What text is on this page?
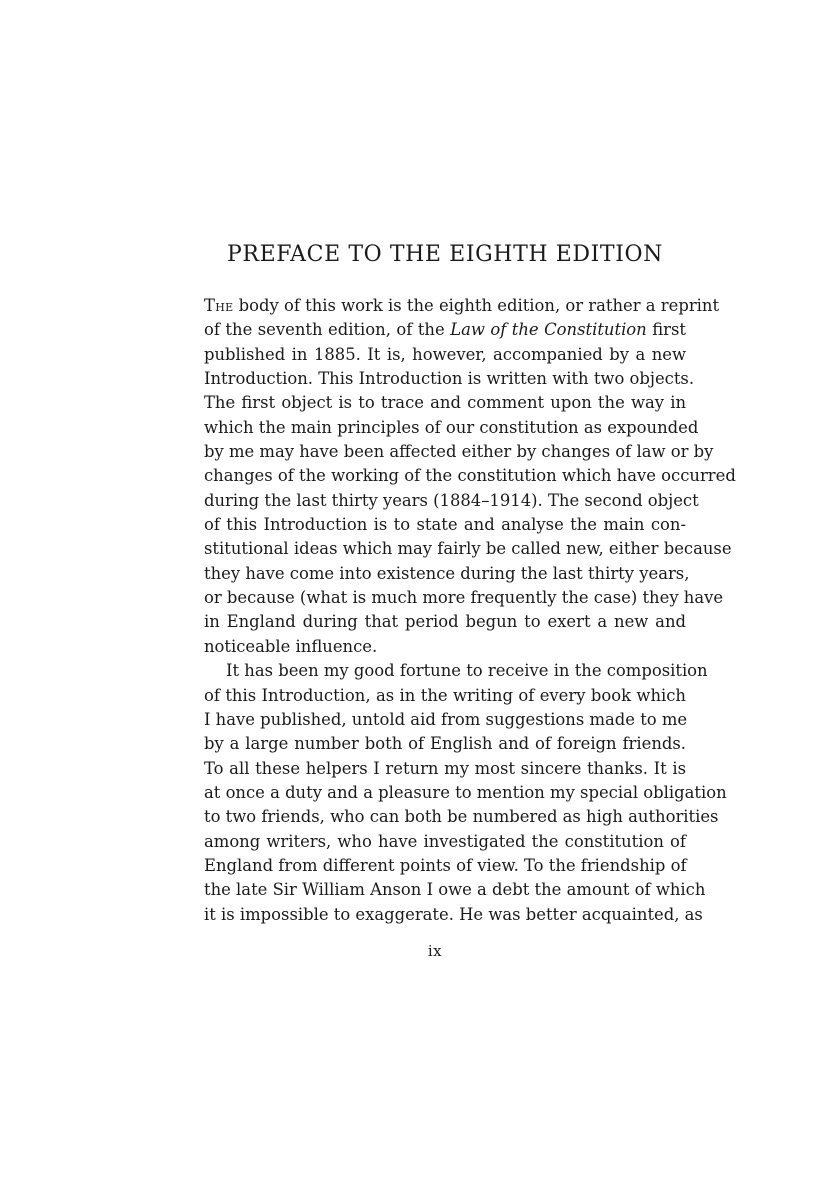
PREFACE TO THE EIGHTH EDITION
The body of this work is the eighth edition, or rather a reprint
of the seventh edition, of the Law of the Constitution first
published in 1885. It is, however, accompanied by a new
Introduction. This Introduction is written with two objects.
The first object is to trace and comment upon the way in
which the main principles of our constitution as expounded
by me may have been affected either by changes of law or by
changes of the working of the constitution which have occurred
during the last thirty years (1884–1914). The second object
of this Introduction is to state and analyse the main con-
stitutional ideas which may fairly be called new, either because
they have come into existence during the last thirty years,
or because (what is much more frequently the case) they have
in England during that period begun to exert a new and
noticeable influence.
It has been my good fortune to receive in the composition
of this Introduction, as in the writing of every book which
I have published, untold aid from suggestions made to me
by a large number both of English and of foreign friends.
To all these helpers I return my most sincere thanks. It is
at once a duty and a pleasure to mention my special obligation
to two friends, who can both be numbered as high authorities
among writers, who have investigated the constitution of
England from different points of view. To the friendship of
the late Sir William Anson I owe a debt the amount of which
it is impossible to exaggerate. He was better acquainted, as
ix
